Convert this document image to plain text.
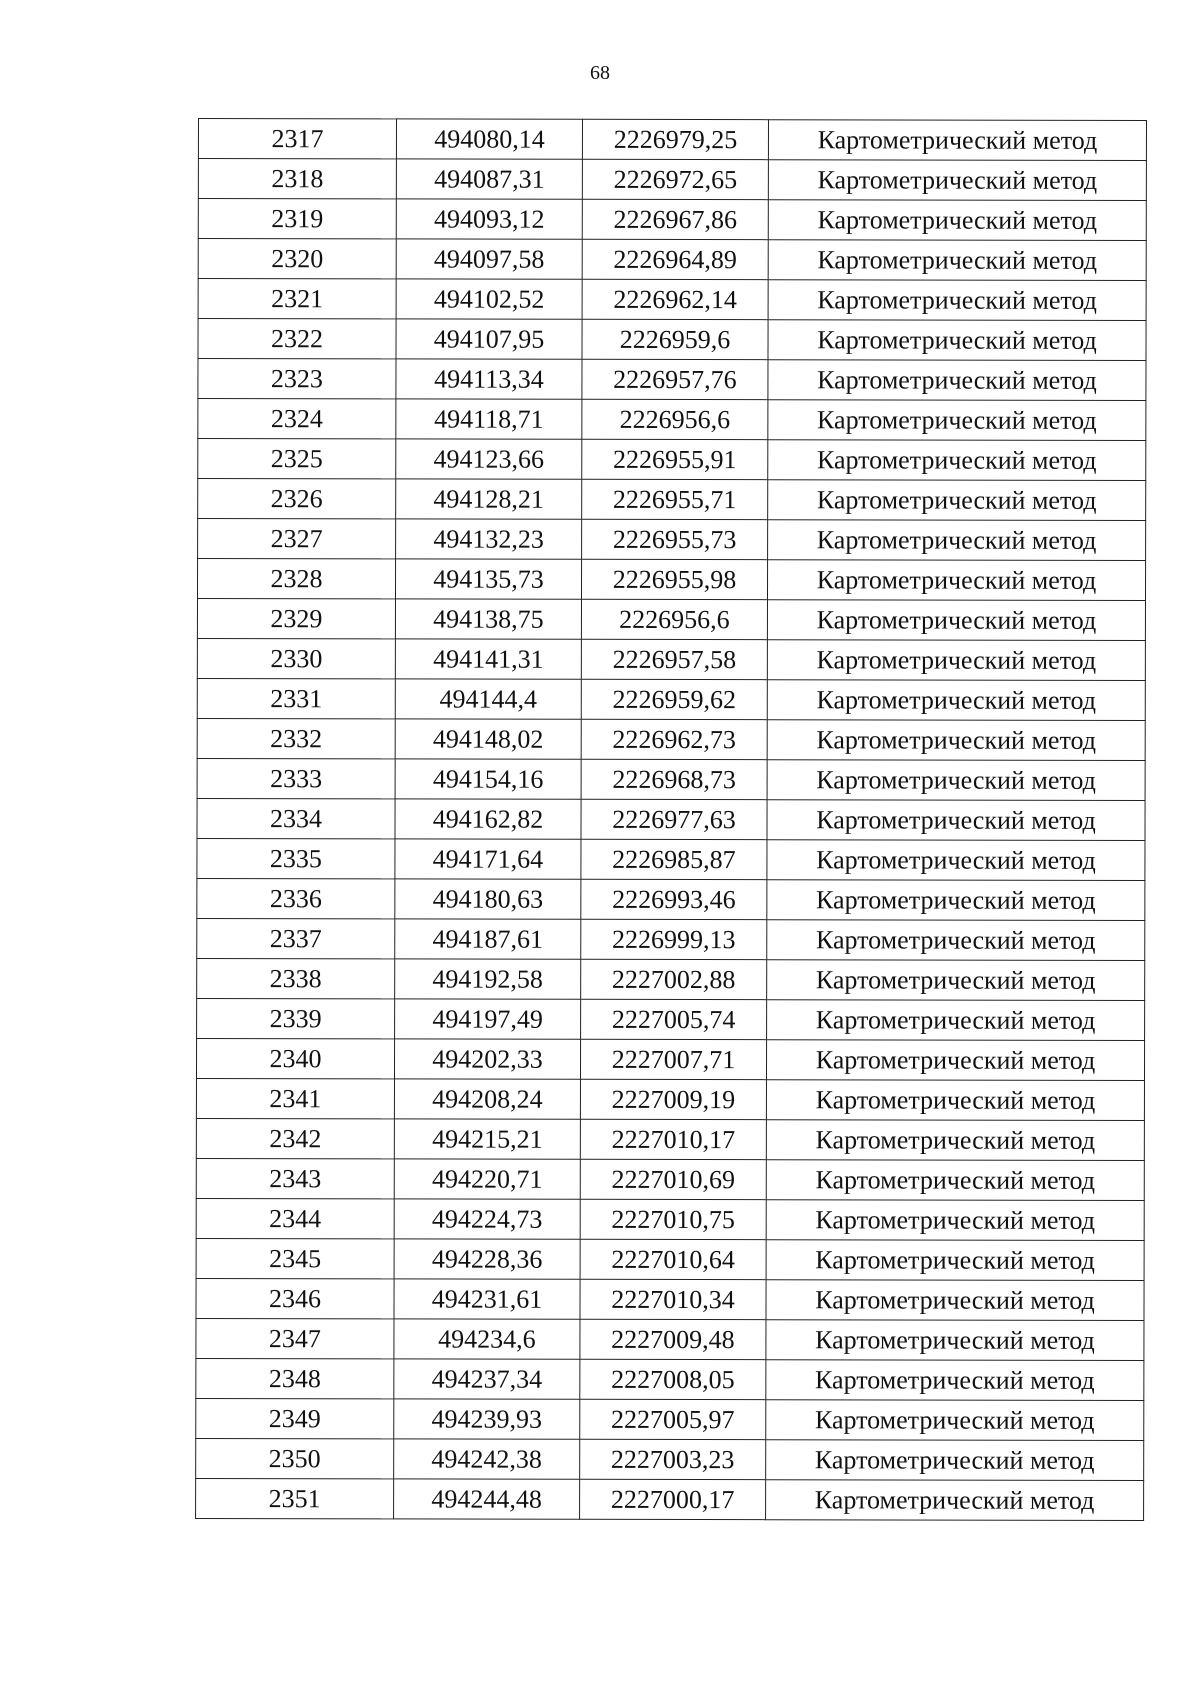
68
2317	494080,14	2226979,25	Картометрический метод
2318	494087,31	2226972,65	Картометрический метод
2319	494093,12	2226967,86	Картометрический метод
2320	494097,58	2226964,89	Картометрический метод
2321	494102,52	2226962,14	Картометрический метод
2322	494107,95	2226959,6	Картометрический метод
2323	494113,34	2226957,76	Картометрический метод
2324	494118,71	2226956,6	Картометрический метод
2325	494123,66	2226955,91	Картометрический метод
2326	494128,21	2226955,71	Картометрический метод
2327	494132,23	2226955,73	Картометрический метод
2328	494135,73	2226955,98	Картометрический метод
2329	494138,75	2226956,6	Картометрический метод
2330	494141,31	2226957,58	Картометрический метод
2331	494144,4	2226959,62	Картометрический метод
2332	494148,02	2226962,73	Картометрический метод
2333	494154,16	2226968,73	Картометрический метод
2334	494162,82	2226977,63	Картометрический метод
2335	494171,64	2226985,87	Картометрический метод
2336	494180,63	2226993,46	Картометрический метод
2337	494187,61	2226999,13	Картометрический метод
2338	494192,58	2227002,88	Картометрический метод
2339	494197,49	2227005,74	Картометрический метод
2340	494202,33	2227007,71	Картометрический метод
2341	494208,24	2227009,19	Картометрический метод
2342	494215,21	2227010,17	Картометрический метод
2343	494220,71	2227010,69	Картометрический метод
2344	494224,73	2227010,75	Картометрический метод
2345	494228,36	2227010,64	Картометрический метод
2346	494231,61	2227010,34	Картометрический метод
2347	494234,6	2227009,48	Картометрический метод
2348	494237,34	2227008,05	Картометрический метод
2349	494239,93	2227005,97	Картометрический метод
2350	494242,38	2227003,23	Картометрический метод
2351	494244,48	2227000,17	Картометрический метод
